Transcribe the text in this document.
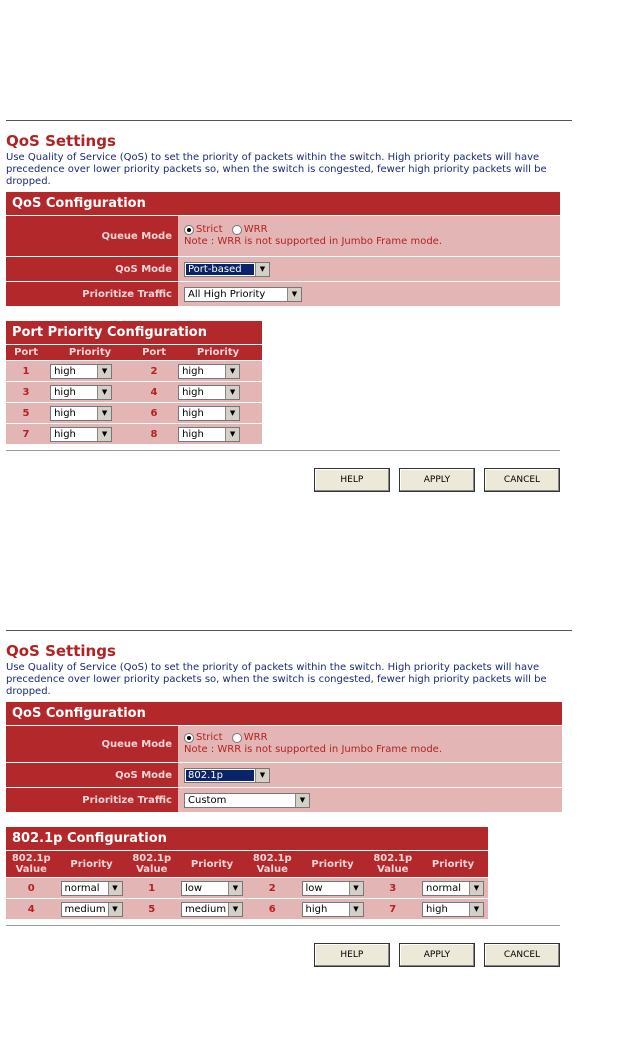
QoS Settings
Use Quality of Service (QoS) to set the priority of packets within the switch. High priority packets will have precedence over lower priority packets so, when the switch is congested, fewer high priority packets will be dropped.
QoS Configuration
Queue Mode	Strict WRR
Note : WRR is not supported in Jumbo Frame mode.

QoS Mode	Port-based ▼

Prioritize Traffic	All High Priority ▼
Port Priority Configuration
Port	Priority	Port	Priority
1	high ▼	2	high ▼

3	high ▼	4	high ▼

5	high ▼	6	high ▼

7	high ▼	8	high ▼
HELP	APPLY	CANCEL
QoS Settings
Use Quality of Service (QoS) to set the priority of packets within the switch. High priority packets will have precedence over lower priority packets so, when the switch is congested, fewer high priority packets will be dropped.
QoS Configuration
Queue Mode	Strict WRR
Note : WRR is not supported in Jumbo Frame mode.

QoS Mode	802.1p ▼

Prioritize Traffic	Custom ▼
802.1p Configuration
802.1p Value	Priority	802.1p Value	Priority	802.1p Value	Priority	802.1p Value	Priority
0	normal ▼	1	low ▼	2	low ▼	3	normal ▼

4	medium ▼	5	medium ▼	6	high ▼	7	high ▼
HELP	APPLY	CANCEL
